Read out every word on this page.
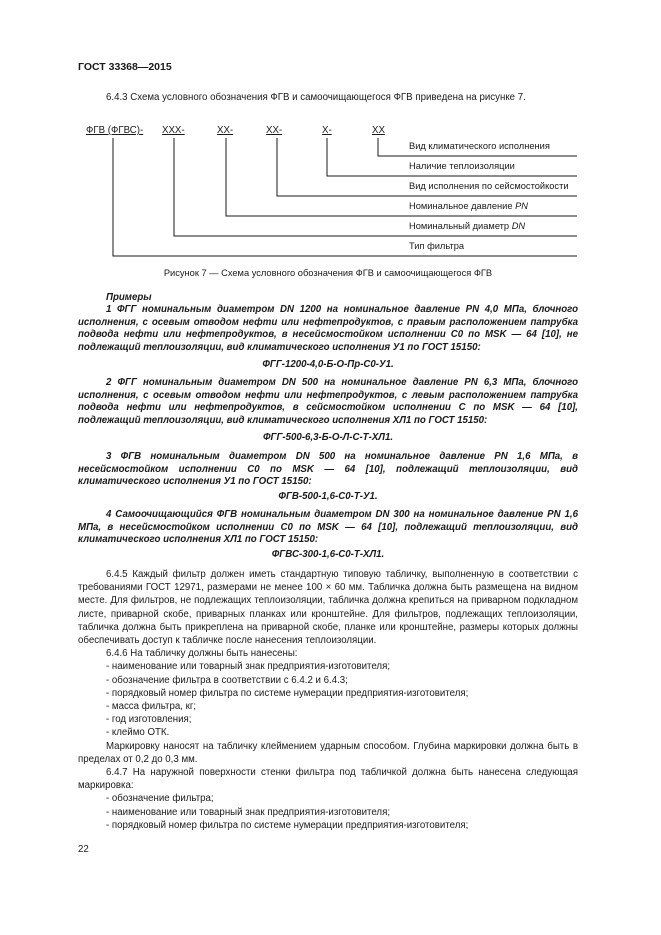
ГОСТ 33368—2015
6.4.3 Схема условного обозначения ФГВ и самоочищающегося ФГВ приведена на рисунке 7.
ФГВ (ФГВС)- XXX-	XX-	XX-	X-	XX
Вид климатического исполнения
Наличие теплоизоляции
Вид исполнения по сейсмостойкости
Номинальное давление PN
Номинальный диаметр DN
Тип фильтра
Рисунок 7 — Схема условного обозначения ФГВ и самоочищающегося ФГВ
Примеры
1 ФГГ номинальным диаметром DN 1200 на номинальное давление PN 4,0 МПа, блочного исполнения, с осевым отводом нефти или нефтепродуктов, с правым расположением патрубка подвода нефти или нефтепродуктов, в несейсмостойком исполнении С0 по MSK — 64 [10], не подлежащий теплоизоляции, вид климатического исполнения У1 по ГОСТ 15150:
ФГГ-1200-4,0-Б-О-Пр-С0-У1.
2 ФГГ номинальным диаметром DN 500 на номинальное давление PN 6,3 МПа, блочного исполнения, с осевым отводом нефти или нефтепродуктов, с левым расположением патрубка подвода нефти или нефтепродуктов, в сейсмостойком исполнении С по MSK — 64 [10], подлежащий теплоизоляции, вид климатического исполнения ХЛ1 по ГОСТ 15150:
ФГГ-500-6,3-Б-О-Л-С-Т-ХЛ1.
3 ФГВ номинальным диаметром DN 500 на номинальное давление PN 1,6 МПа, в несейсмостойком исполнении С0 по MSK — 64 [10], подлежащий теплоизоляции, вид климатического исполнения У1 по ГОСТ 15150:
ФГВ-500-1,6-С0-Т-У1.
4 Самоочищающийся ФГВ номинальным диаметром DN 300 на номинальное давление PN 1,6 МПа, в несейсмостойком исполнении С0 по MSK — 64 [10], подлежащий теплоизоляции, вид климатического исполнения ХЛ1 по ГОСТ 15150:
ФГВС-300-1,6-С0-Т-ХЛ1.
6.4.5 Каждый фильтр должен иметь стандартную типовую табличку, выполненную в соответствии с требованиями ГОСТ 12971, размерами не менее 100 × 60 мм. Табличка должна быть размещена на видном месте. Для фильтров, не подлежащих теплоизоляции, табличка должна крепиться на приварном подкладном листе, приварной скобе, приварных планках или кронштейне. Для фильтров, подлежащих теплоизоляции, табличка должна быть прикреплена на приварной скобе, планке или кронштейне, размеры которых должны обеспечивать доступ к табличке после нанесения теплоизоляции.
6.4.6 На табличку должны быть нанесены:
- наименование или товарный знак предприятия-изготовителя;
- обозначение фильтра в соответствии с 6.4.2 и 6.4.3;
- порядковый номер фильтра по системе нумерации предприятия-изготовителя;
- масса фильтра, кг;
- год изготовления;
- клеймо ОТК.
Маркировку наносят на табличку клеймением ударным способом. Глубина маркировки должна быть в пределах от 0,2 до 0,3 мм.
6.4.7 На наружной поверхности стенки фильтра под табличкой должна быть нанесена следующая маркировка:
- обозначение фильтра;
- наименование или товарный знак предприятия-изготовителя;
- порядковый номер фильтра по системе нумерации предприятия-изготовителя;
22
